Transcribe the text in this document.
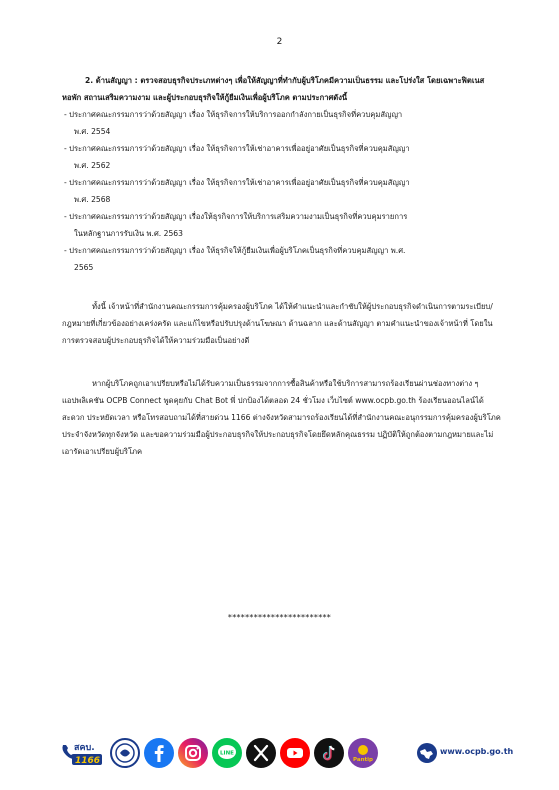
2

2. ด้านสัญญา : ตรวจสอบธุรกิจประเภทต่างๆ เพื่อให้สัญญาที่ทำกับผู้บริโภคมีความเป็นธรรม และโปร่งใส โดยเฉพาะฟิตเนส หอพัก สถานเสริมความงาม และผู้ประกอบธุรกิจให้กู้ยืมเงินเพื่อผู้บริโภค ตามประกาศดังนี้

- ประกาศคณะกรรมการว่าด้วยสัญญา เรื่อง ให้ธุรกิจการให้บริการออกกำลังกายเป็นธุรกิจที่ควบคุมสัญญา
พ.ศ. 2554
- ประกาศคณะกรรมการว่าด้วยสัญญา เรื่อง ให้ธุรกิจการให้เช่าอาคารเพื่ออยู่อาศัยเป็นธุรกิจที่ควบคุมสัญญา
พ.ศ. 2562
- ประกาศคณะกรรมการว่าด้วยสัญญา เรื่อง ให้ธุรกิจการให้เช่าอาคารเพื่ออยู่อาศัยเป็นธุรกิจที่ควบคุมสัญญา
พ.ศ. 2568
- ประกาศคณะกรรมการว่าด้วยสัญญา เรื่องให้ธุรกิจการให้บริการเสริมความงามเป็นธุรกิจที่ควบคุมรายการ
ในหลักฐานการรับเงิน พ.ศ. 2563
- ประกาศคณะกรรมการว่าด้วยสัญญา เรื่อง ให้ธุรกิจให้กู้ยืมเงินเพื่อผู้บริโภคเป็นธุรกิจที่ควบคุมสัญญา พ.ศ.
2565

ทั้งนี้ เจ้าหน้าที่สำนักงานคณะกรรมการคุ้มครองผู้บริโภค ได้ให้คำแนะนำและกำชับให้ผู้ประกอบธุรกิจดำเนินการตามระเบียบ/กฎหมายที่เกี่ยวข้องอย่างเคร่งครัด และแก้ไขหรือปรับปรุงด้านโฆษณา ด้านฉลาก และด้านสัญญา ตามคำแนะนำของเจ้าหน้าที่ โดยในการตรวจสอบผู้ประกอบธุรกิจได้ให้ความร่วมมือเป็นอย่างดี

หากผู้บริโภคถูกเอาเปรียบหรือไม่ได้รับความเป็นธรรมจากการซื้อสินค้าหรือใช้บริการสามารถร้องเรียนผ่านช่องทางต่าง ๆ แอปพลิเคชัน OCPB Connect พูดคุยกับ Chat Bot พี่ ปกป้องได้ตลอด 24 ชั่วโมง เว็บไซต์ www.ocpb.go.th ร้องเรียนออนไลน์ได้สะดวก ประหยัดเวลา หรือโทรสอบถามได้ที่สายด่วน 1166 ต่างจังหวัดสามารถร้องเรียนได้ที่สำนักงานคณะอนุกรรมการคุ้มครองผู้บริโภคประจำจังหวัดทุกจังหวัด และขอความร่วมมือผู้ประกอบธุรกิจให้ประกอบธุรกิจโดยยึดหลักคุณธรรม ปฏิบัติให้ถูกต้องตามกฎหมายและไม่เอารัดเอาเปรียบผู้บริโภค

************************
สคบ.
1166
LINE
Pantip
www.ocpb.go.th
